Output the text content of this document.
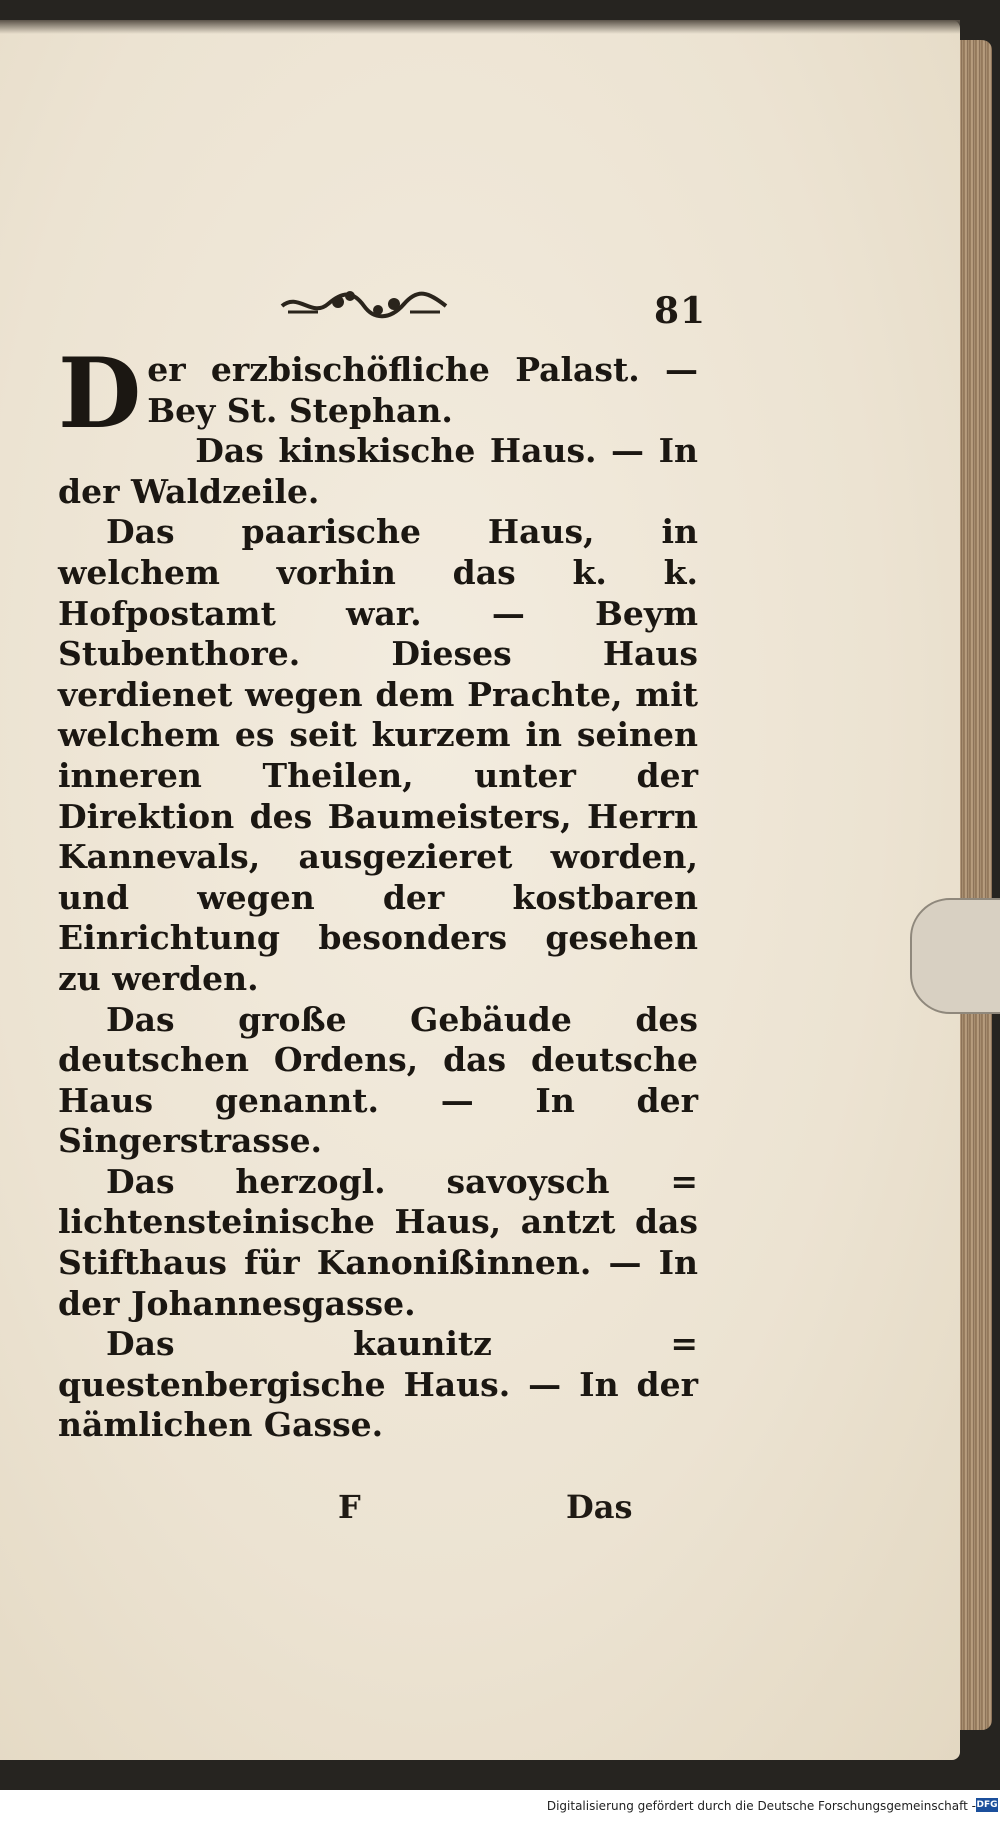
81

Der erzbischöfliche Palast. — Bey St. Stephan.

Das kinskische Haus. — In der Waldzeile.

Das paarische Haus, in welchem vorhin das k. k. Hofpostamt war. — Beym Stubenthore. Dieses Haus verdienet wegen dem Prachte, mit welchem es seit kurzem in seinen inneren Theilen, unter der Direktion des Baumeisters, Herrn Kannevals, ausgezieret worden, und wegen der kostbaren Einrichtung besonders gesehen zu werden.

Das große Gebäude des deutschen Ordens, das deutsche Haus genannt. — In der Singerstrasse.

Das herzogl. savoysch = lichtensteinische Haus, antzt das Stifthaus für Kanonißinnen. — In der Johannesgasse.

Das kaunitz = questenbergische Haus. — In der nämlichen Gasse.

F	Das
Digitalisierung gefördert durch die Deutsche Forschungsgemeinschaft - DFG
